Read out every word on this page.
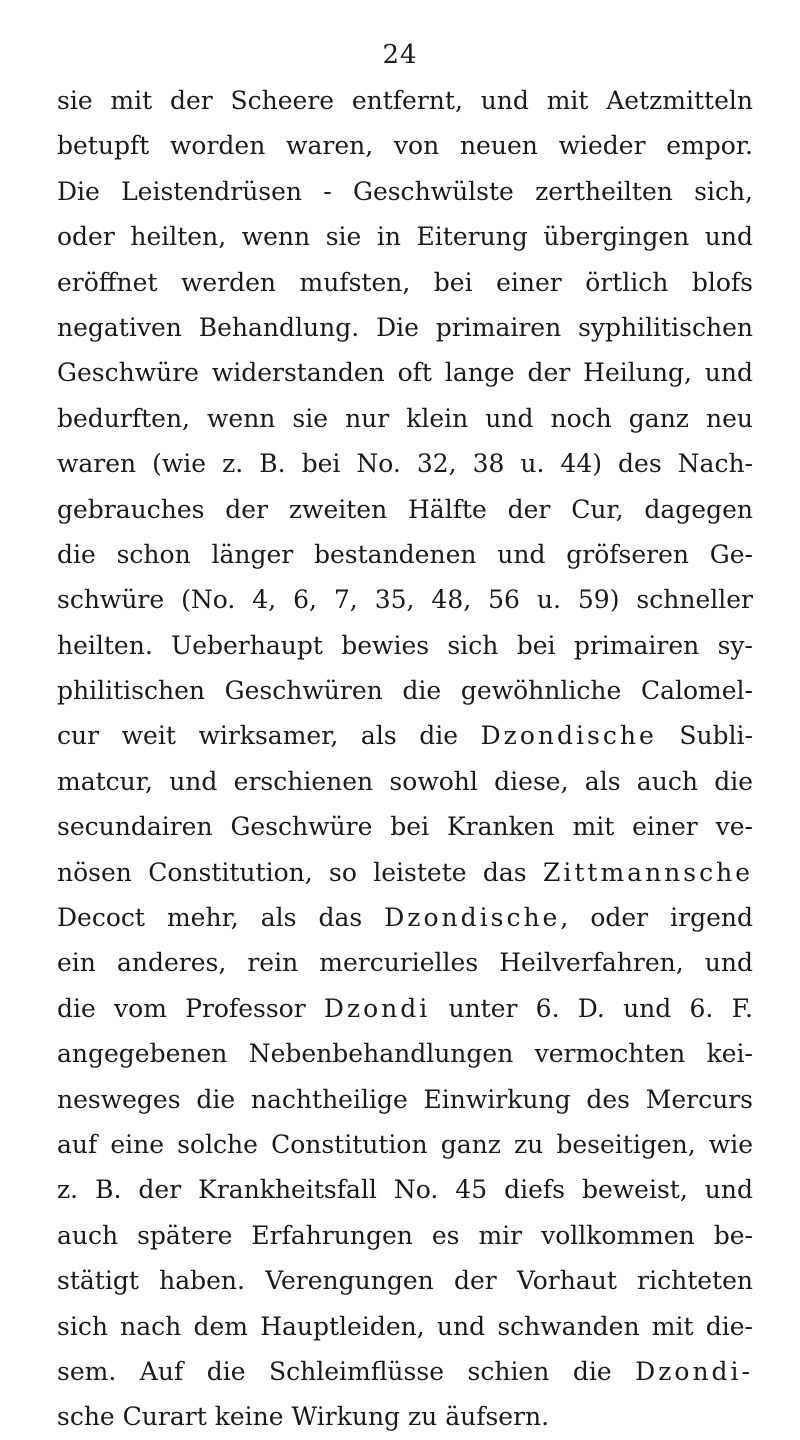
24
sie mit der Scheere entfernt, und mit Aetzmitteln
betupft worden waren, von neuen wieder empor.
Die Leistendrüsen - Geschwülste zertheilten sich,
oder heilten, wenn sie in Eiterung übergingen und
eröffnet werden mufsten, bei einer örtlich blofs
negativen Behandlung. Die primairen syphilitischen
Geschwüre widerstanden oft lange der Heilung, und
bedurften, wenn sie nur klein und noch ganz neu
waren (wie z. B. bei No. 32, 38 u. 44) des Nach-
gebrauches der zweiten Hälfte der Cur, dagegen
die schon länger bestandenen und gröfseren Ge-
schwüre (No. 4, 6, 7, 35, 48, 56 u. 59) schneller
heilten. Ueberhaupt bewies sich bei primairen sy-
philitischen Geschwüren die gewöhnliche Calomel-
cur weit wirksamer, als die Dzondische Subli-
matcur, und erschienen sowohl diese, als auch die
secundairen Geschwüre bei Kranken mit einer ve-
nösen Constitution, so leistete das Zittmannsche
Decoct mehr, als das Dzondische, oder irgend
ein anderes, rein mercurielles Heilverfahren, und
die vom Professor Dzondi unter 6. D. und 6. F.
angegebenen Nebenbehandlungen vermochten kei-
nesweges die nachtheilige Einwirkung des Mercurs
auf eine solche Constitution ganz zu beseitigen, wie
z. B. der Krankheitsfall No. 45 diefs beweist, und
auch spätere Erfahrungen es mir vollkommen be-
stätigt haben. Verengungen der Vorhaut richteten
sich nach dem Hauptleiden, und schwanden mit die-
sem. Auf die Schleimflüsse schien die Dzondi-
sche Curart keine Wirkung zu äufsern.
